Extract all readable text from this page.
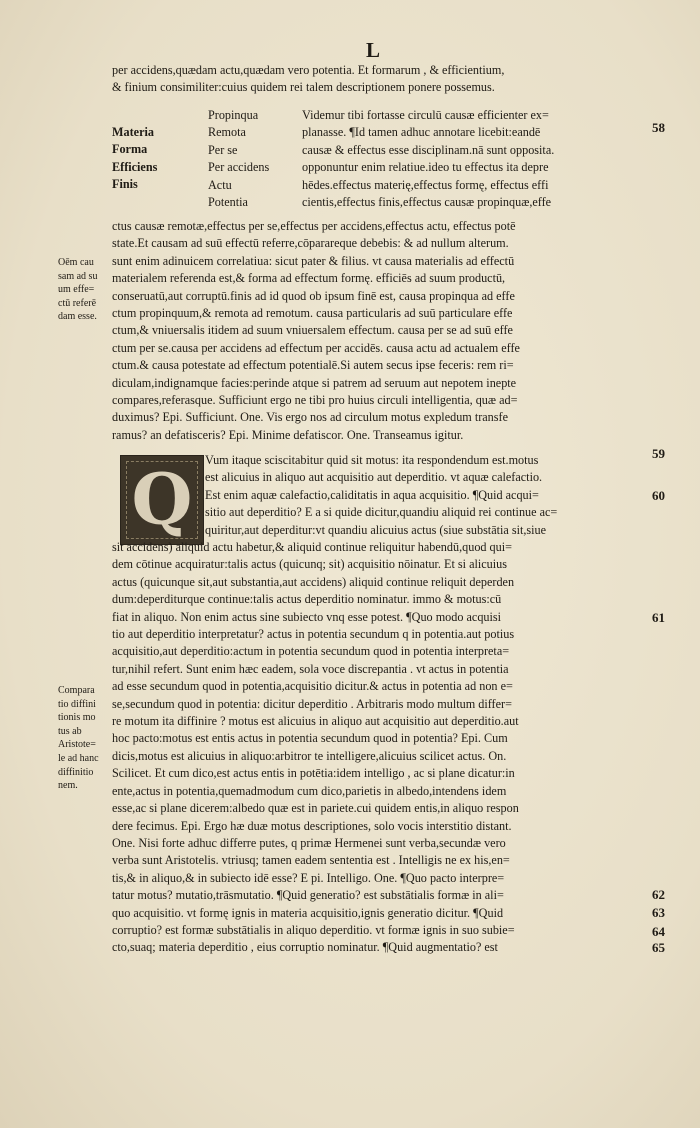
L
per accidens,quædam actu,quædam vero potentia. Et formarum , & efficientium,
& finium consimiliter:cuius quidem rei talem descriptionem ponere possemus.
Materia
Forma
Efficiens
Finis
Propinqua
Remota
Per se
Per accidens
Actu
Potentia
Videmur tibi fortasse circulū causæ efficienter ex=
planasse. ¶Id tamen adhuc annotare licebit:eandē
causæ & effectus esse disciplinam.nā sunt opposita.
opponuntur enim relatiue.ideo tu effectus ita depre
hēdes.effectus materię,effectus formę, effectus effi
cientis,effectus finis,effectus causæ propinquæ,effe
ctus causæ remotæ,effectus per se,effectus per accidens,effectus actu, effectus potē
state.Et causam ad suū effectū referre,cōparareque debebis: & ad nullum alterum.
sunt enim adinuicem correlatiua: sicut pater & filius. vt causa materialis ad effectū
materialem referenda est,& forma ad effectum formę. efficiēs ad suum productū,
conseruatū,aut corruptū.finis ad id quod ob ipsum finē est, causa propinqua ad effe
ctum propinquum,& remota ad remotum. causa particularis ad suū particulare effe
ctum,& vniuersalis itidem ad suum vniuersalem effectum. causa per se ad suū effe
ctum per se.causa per accidens ad effectum per accidēs. causa actu ad actualem effe
ctum.& causa potestate ad effectum potentialē.Si autem secus ipse feceris: rem ri=
diculam,indignamque facies:perinde atque si patrem ad seruum aut nepotem inepte
compares,referasque. Sufficiunt ergo ne tibi pro huius circuli intelligentia, quæ ad=
duximus? Epi. Sufficiunt. One. Vis ergo nos ad circulum motus expledum transfe
ramus? an defatisceris? Epi. Minime defatiscor. One. Transeamus igitur.
Q Vum itaque sciscitabitur quid sit motus: ita respondendum est.motus
est alicuius in aliquo aut acquisitio aut deperditio. vt aquæ calefactio.
Est enim aquæ calefactio,caliditatis in aqua acquisitio. ¶Quid acqui=
sitio aut deperditio? E a si quide dicitur,quandiu aliquid rei continue ac=
quiritur,aut deperditur:vt quandiu alicuius actus (siue substātia sit,siue
sit accidens) aliquid actu habetur,& aliquid continue reliquitur habendū,quod qui=
dem cōtinue acquiratur:talis actus (quicunq; sit) acquisitio nōinatur. Et si alicuius
actus (quicunque sit,aut substantia,aut accidens) aliquid continue reliquit deperden
dum:deperditurque continue:talis actus deperditio nominatur. immo & motus:cū
fiat in aliquo. Non enim actus sine subiecto vnq esse potest. ¶Quo modo acquisi
tio aut deperditio interpretatur? actus in potentia secundum q in potentia.aut potius
acquisitio,aut deperditio:actum in potentia secundum quod in potentia interpreta=
tur,nihil refert. Sunt enim hæc eadem, sola voce discrepantia . vt actus in potentia
ad esse secundum quod in potentia,acquisitio dicitur.& actus in potentia ad non e=
se,secundum quod in potentia: dicitur deperditio . Arbitraris modo multum differ=
re motum ita diffinire ? motus est alicuius in aliquo aut acquisitio aut deperditio.aut
hoc pacto:motus est entis actus in potentia secundum quod in potentia? Epi. Cum
dicis,motus est alicuius in aliquo:arbitror te intelligere,alicuius scilicet actus. On.
Scilicet. Et cum dico,est actus entis in potētia:idem intelligo , ac si plane dicatur:in
ente,actus in potentia,quemadmodum cum dico,parietis in albedo,intendens idem
esse,ac si plane dicerem:albedo quæ est in pariete.cui quidem entis,in aliquo respon
dere fecimus. Epi. Ergo hæ duæ motus descriptiones, solo vocis interstitio distant.
One. Nisi forte adhuc differre putes, q primæ Hermenei sunt verba,secundæ vero
verba sunt Aristotelis. vtriusq; tamen eadem sententia est . Intelligis ne ex his,en=
tis,& in aliquo,& in subiecto idē esse? E pi. Intelligo. One. ¶Quo pacto interpre=
tatur motus? mutatio,trāsmutatio. ¶Quid generatio? est substātialis formæ in ali=
quo acquisitio. vt formę ignis in materia acquisitio,ignis generatio dicitur. ¶Quid
corruptio? est formæ substātialis in aliquo deperditio. vt formæ ignis in suo subie=
cto,suaq; materia deperditio , eius corruptio nominatur. ¶Quid augmentatio? est
Oēm cau
sam ad su
um effe=
ctū referē
dam esse.
Compara
tio diffini
tionis mo
tus ab
Aristote=
le ad hanc
diffinitio
nem.
58
59
60
61
62
63
64
65
